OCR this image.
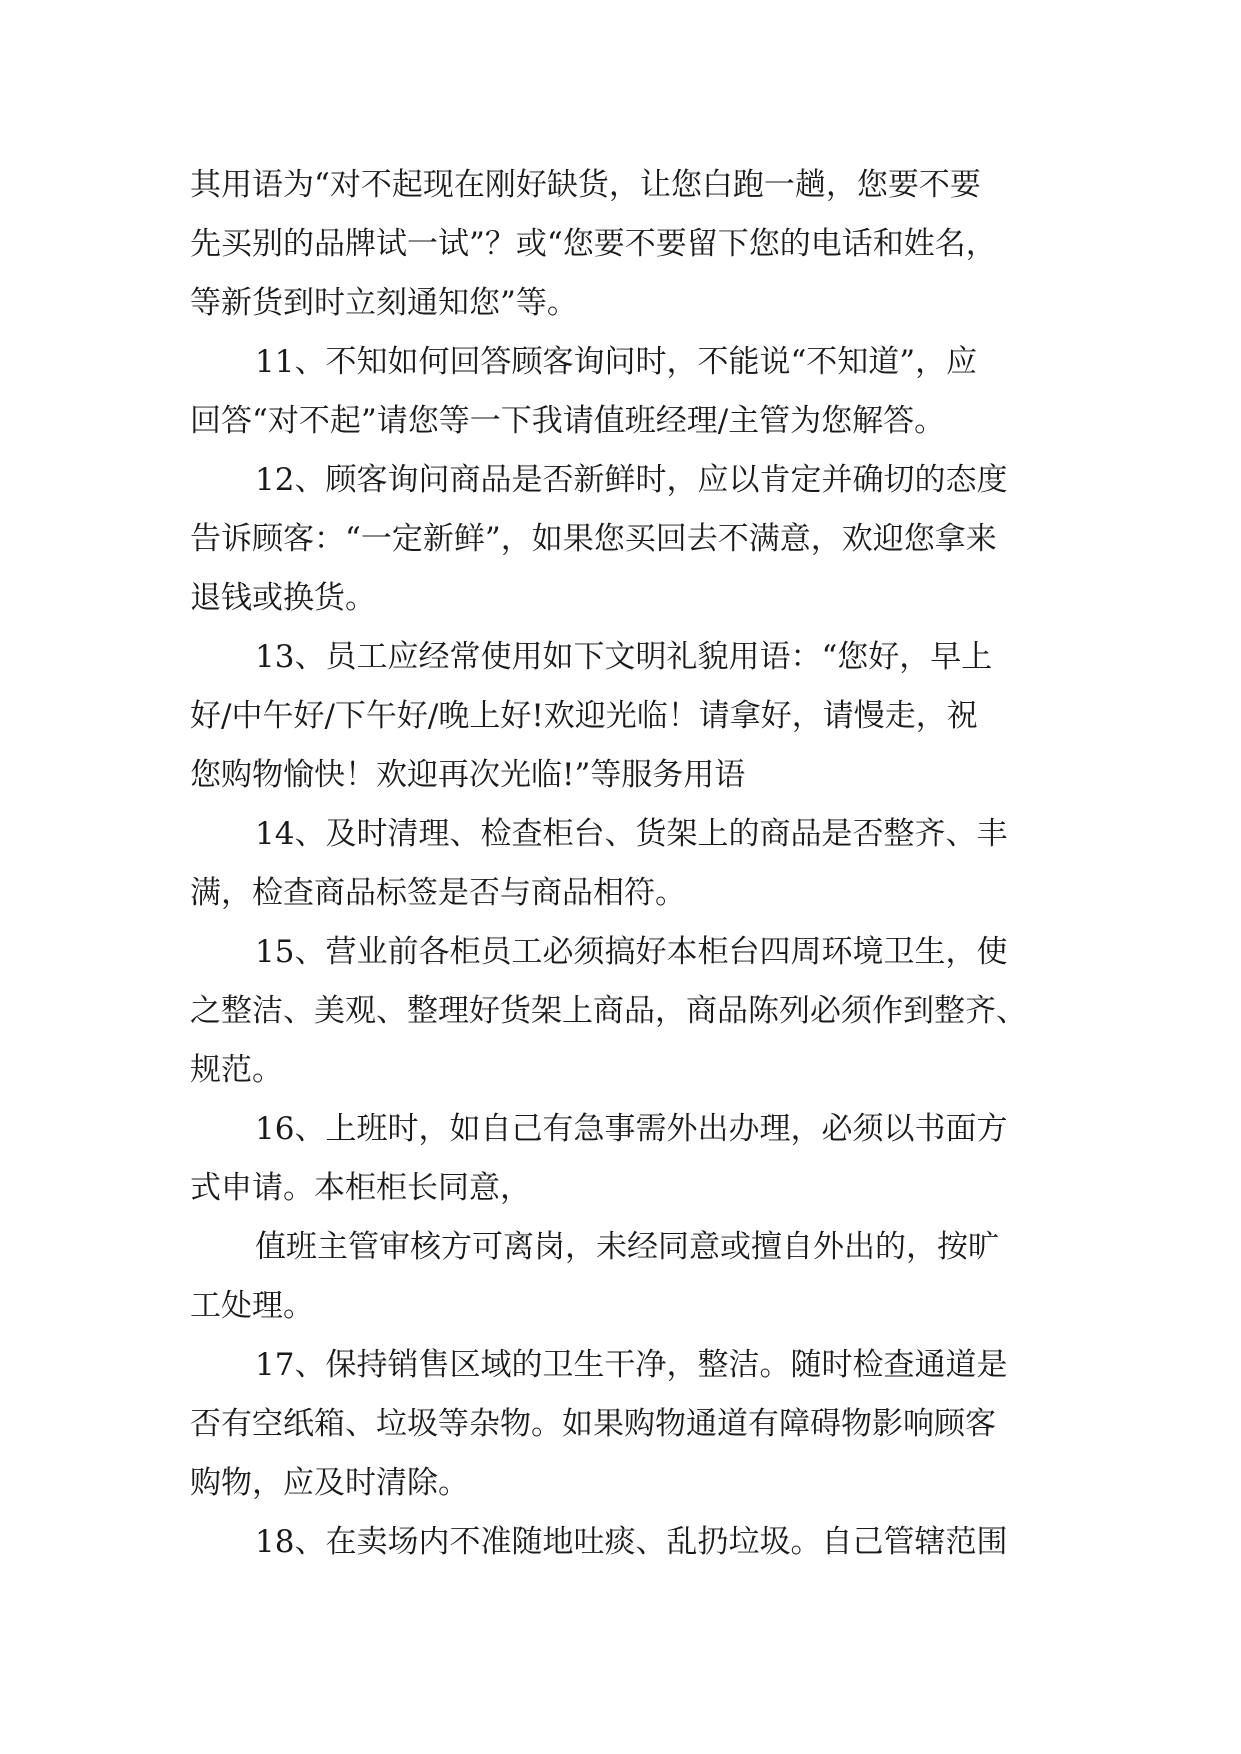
其用语为“对不起现在刚好缺货，让您白跑一趟，您要不要
先买别的品牌试一试”？或“您要不要留下您的电话和姓名，
等新货到时立刻通知您”等。
11、不知如何回答顾客询问时，不能说“不知道”，应
回答“对不起”请您等一下我请值班经理/主管为您解答。
12、顾客询问商品是否新鲜时，应以肯定并确切的态度
告诉顾客：“一定新鲜”，如果您买回去不满意，欢迎您拿来
退钱或换货。
13、员工应经常使用如下文明礼貌用语：“您好，早上
好/中午好/下午好/晚上好!欢迎光临！请拿好，请慢走，祝
您购物愉快！欢迎再次光临!”等服务用语
14、及时清理、检查柜台、货架上的商品是否整齐、丰
满，检查商品标签是否与商品相符。
15、营业前各柜员工必须搞好本柜台四周环境卫生，使
之整洁、美观、整理好货架上商品，商品陈列必须作到整齐、
规范。
16、上班时，如自己有急事需外出办理，必须以书面方
式申请。本柜柜长同意，
值班主管审核方可离岗，未经同意或擅自外出的，按旷
工处理。
17、保持销售区域的卫生干净，整洁。随时检查通道是
否有空纸箱、垃圾等杂物。如果购物通道有障碍物影响顾客
购物，应及时清除。
18、在卖场内不准随地吐痰、乱扔垃圾。自己管辖范围
